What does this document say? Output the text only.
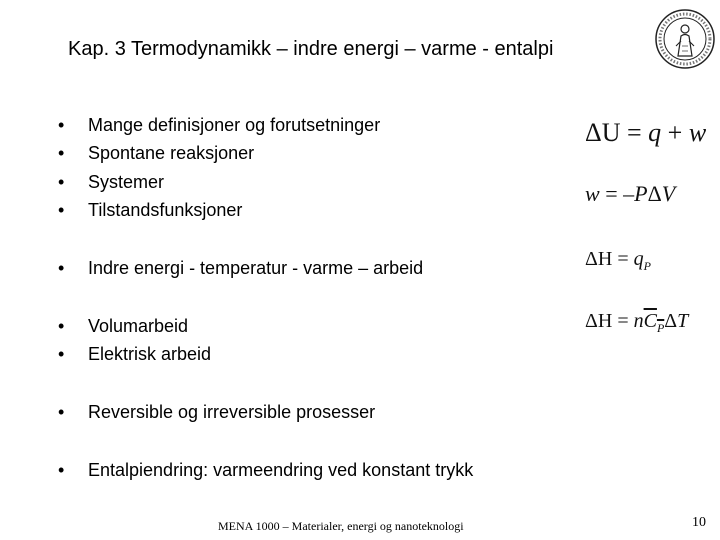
Kap. 3 Termodynamikk – indre energi – varme - entalpi
• Mange definisjoner og forutsetninger
• Spontane reaksjoner
• Systemer
• Tilstandsfunksjoner
• Indre energi - temperatur - varme – arbeid
• Volumarbeid
• Elektrisk arbeid
• Reversible og irreversible prosesser
• Entalpiendring: varmeendring ved konstant trykk
ΔU = q + w
w = –PΔV
$\Delta H = q_P$
$\Delta H = nC_P\Delta T$
MENA 1000 – Materialer, energi og nanoteknologi	10
